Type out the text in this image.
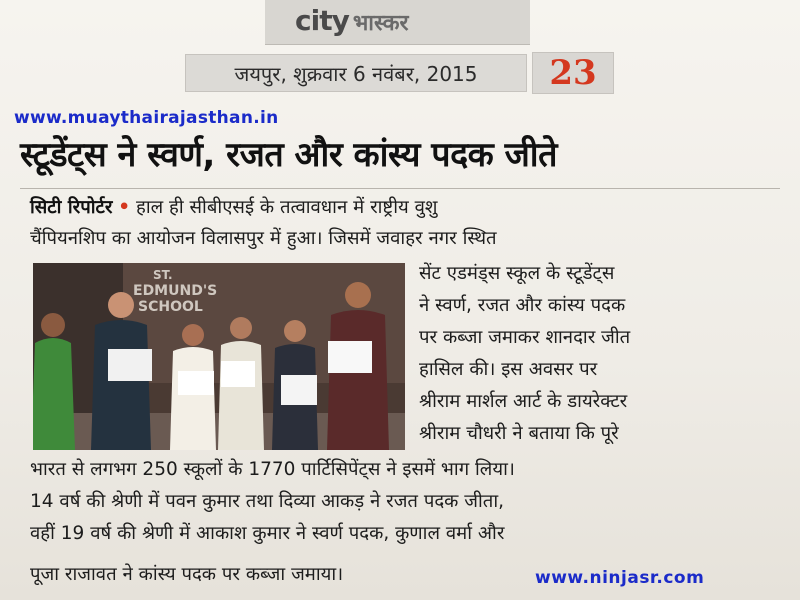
city भास्कर
जयपुर, शुक्रवार 6 नवंबर, 2015	23
www.muaythairajasthan.in
स्टूडेंट्स ने स्वर्ण, रजत और कांस्य पदक जीते
सिटी रिपोर्टर • हाल ही सीबीएसई के तत्वावधान में राष्ट्रीय वुशु
चैंपियनशिप का आयोजन विलासपुर में हुआ। जिसमें जवाहर नगर स्थित
ST.
EDMUND'S
SCHOOL
सेंट एडमंड्स स्कूल के स्टूडेंट्स
ने स्वर्ण, रजत और कांस्य पदक
पर कब्जा जमाकर शानदार जीत
हासिल की। इस अवसर पर
श्रीराम मार्शल आर्ट के डायरेक्टर
श्रीराम चौधरी ने बताया कि पूरे
भारत से लगभग 250 स्कूलों के 1770 पार्टिसिपेंट्स ने इसमें भाग लिया।
14 वर्ष की श्रेणी में पवन कुमार तथा दिव्या आकड़ ने रजत पदक जीता,
वहीं 19 वर्ष की श्रेणी में आकाश कुमार ने स्वर्ण पदक, कुणाल वर्मा और
पूजा राजावत ने कांस्य पदक पर कब्जा जमाया।	www.ninjasr.com
